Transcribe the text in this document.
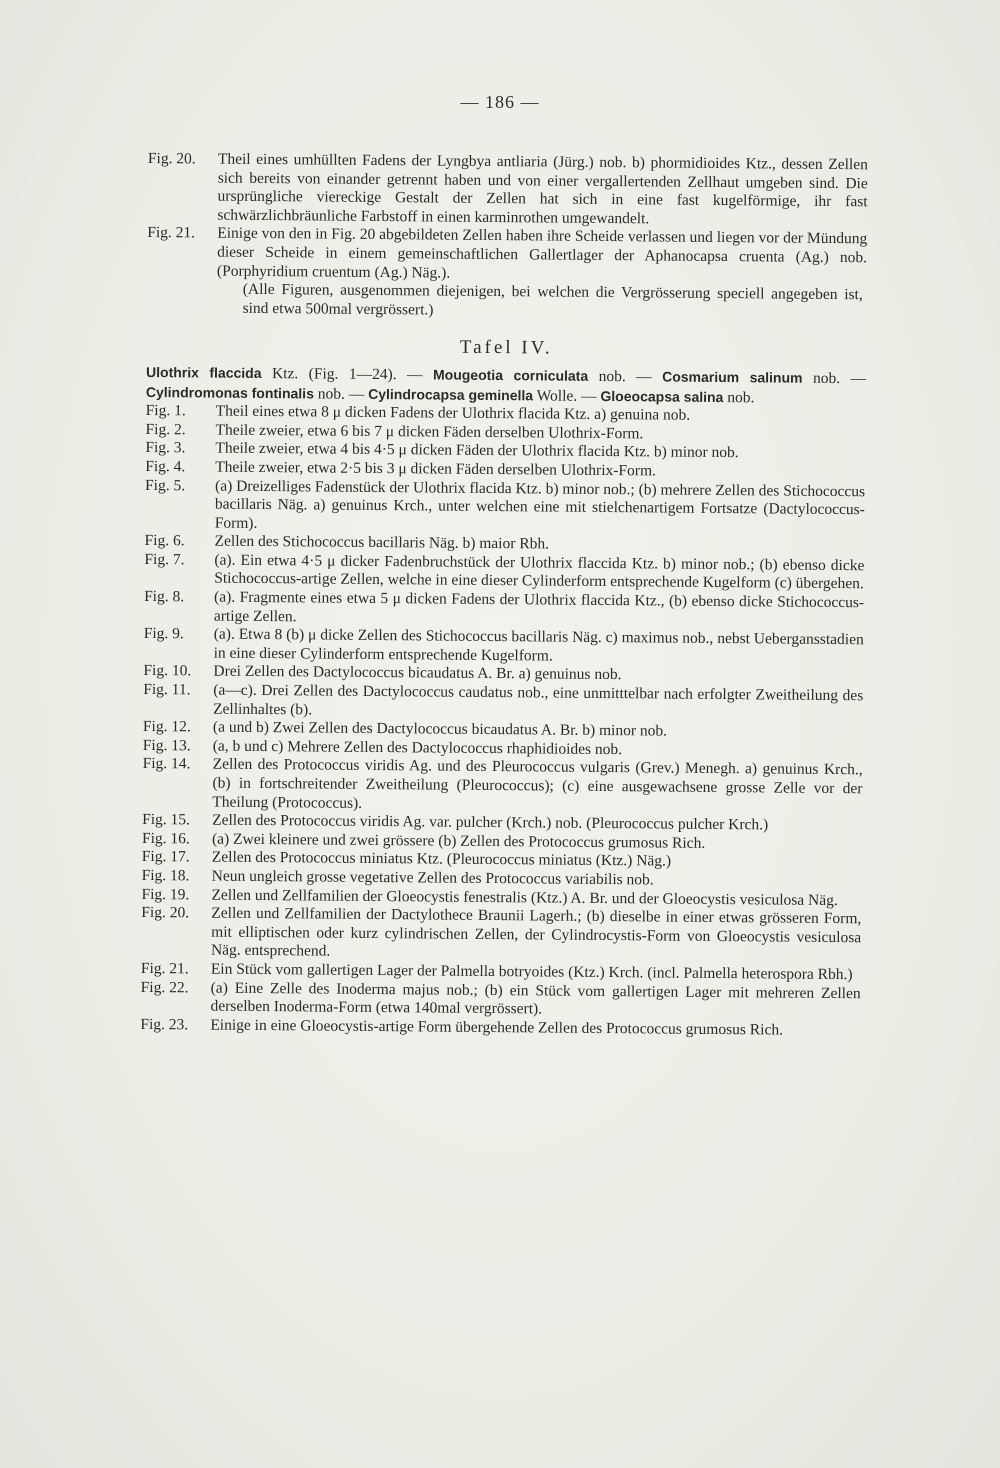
— 186 —
Fig. 20.	Theil eines umhüllten Fadens der Lyngbya antliaria (Jürg.) nob. b) phormidioides Ktz., dessen Zellen sich bereits von einander getrennt haben und von einer vergallertenden Zellhaut umgeben sind. Die ursprüngliche viereckige Gestalt der Zellen hat sich in eine fast kugelförmige, ihr fast schwärzlichbräunliche Farbstoff in einen karminrothen umgewandelt.
Fig. 21.	Einige von den in Fig. 20 abgebildeten Zellen haben ihre Scheide verlassen und liegen vor der Mündung dieser Scheide in einem gemeinschaftlichen Gallertlager der Aphanocapsa cruenta (Ag.) nob. (Porphyridium cruentum (Ag.) Näg.).
(Alle Figuren, ausgenommen diejenigen, bei welchen die Vergrösserung speciell angegeben ist, sind etwa 500mal vergrössert.)
Tafel IV.
Ulothrix flaccida Ktz. (Fig. 1—24). — Mougeotia corniculata nob. — Cosmarium salinum nob. — Cylindromonas fontinalis nob. — Cylindrocapsa geminella Wolle. — Gloeocapsa salina nob.
Fig. 1.	Theil eines etwa 8 μ dicken Fadens der Ulothrix flacida Ktz. a) genuina nob.
Fig. 2.	Theile zweier, etwa 6 bis 7 μ dicken Fäden derselben Ulothrix-Form.
Fig. 3.	Theile zweier, etwa 4 bis 4·5 μ dicken Fäden der Ulothrix flacida Ktz. b) minor nob.
Fig. 4.	Theile zweier, etwa 2·5 bis 3 μ dicken Fäden derselben Ulothrix-Form.
Fig. 5.	(a) Dreizelliges Fadenstück der Ulothrix flacida Ktz. b) minor nob.; (b) mehrere Zellen des Stichococcus bacillaris Näg. a) genuinus Krch., unter welchen eine mit stielchenartigem Fortsatze (Dactylococcus-Form).
Fig. 6.	Zellen des Stichococcus bacillaris Näg. b) maior Rbh.
Fig. 7.	(a). Ein etwa 4·5 μ dicker Fadenbruchstück der Ulothrix flaccida Ktz. b) minor nob.; (b) ebenso dicke Stichococcus-artige Zellen, welche in eine dieser Cylinderform entsprechende Kugelform (c) übergehen.
Fig. 8.	(a). Fragmente eines etwa 5 μ dicken Fadens der Ulothrix flaccida Ktz., (b) ebenso dicke Stichococcus-artige Zellen.
Fig. 9.	(a). Etwa 8 (b) μ dicke Zellen des Stichococcus bacillaris Näg. c) maximus nob., nebst Uebergansstadien in eine dieser Cylinderform entsprechende Kugelform.
Fig. 10.	Drei Zellen des Dactylococcus bicaudatus A. Br. a) genuinus nob.
Fig. 11.	(a—c). Drei Zellen des Dactylococcus caudatus nob., eine unmitttelbar nach erfolgter Zweitheilung des Zellinhaltes (b).
Fig. 12.	(a und b) Zwei Zellen des Dactylococcus bicaudatus A. Br. b) minor nob.
Fig. 13.	(a, b und c) Mehrere Zellen des Dactylococcus rhaphidioides nob.
Fig. 14.	Zellen des Protococcus viridis Ag. und des Pleurococcus vulgaris (Grev.) Menegh. a) genuinus Krch., (b) in fortschreitender Zweitheilung (Pleurococcus); (c) eine ausgewachsene grosse Zelle vor der Theilung (Protococcus).
Fig. 15.	Zellen des Protococcus viridis Ag. var. pulcher (Krch.) nob. (Pleurococcus pulcher Krch.)
Fig. 16.	(a) Zwei kleinere und zwei grössere (b) Zellen des Protococcus grumosus Rich.
Fig. 17.	Zellen des Protococcus miniatus Ktz. (Pleurococcus miniatus (Ktz.) Näg.)
Fig. 18.	Neun ungleich grosse vegetative Zellen des Protococcus variabilis nob.
Fig. 19.	Zellen und Zellfamilien der Gloeocystis fenestralis (Ktz.) A. Br. und der Gloeocystis vesiculosa Näg.
Fig. 20.	Zellen und Zellfamilien der Dactylothece Braunii Lagerh.; (b) dieselbe in einer etwas grösseren Form, mit elliptischen oder kurz cylindrischen Zellen, der Cylindrocystis-Form von Gloeocystis vesiculosa Näg. entsprechend.
Fig. 21.	Ein Stück vom gallertigen Lager der Palmella botryoides (Ktz.) Krch. (incl. Palmella heterospora Rbh.)
Fig. 22.	(a) Eine Zelle des Inoderma majus nob.; (b) ein Stück vom gallertigen Lager mit mehreren Zellen derselben Inoderma-Form (etwa 140mal vergrössert).
Fig. 23.	Einige in eine Gloeocystis-artige Form übergehende Zellen des Protococcus grumosus Rich.
